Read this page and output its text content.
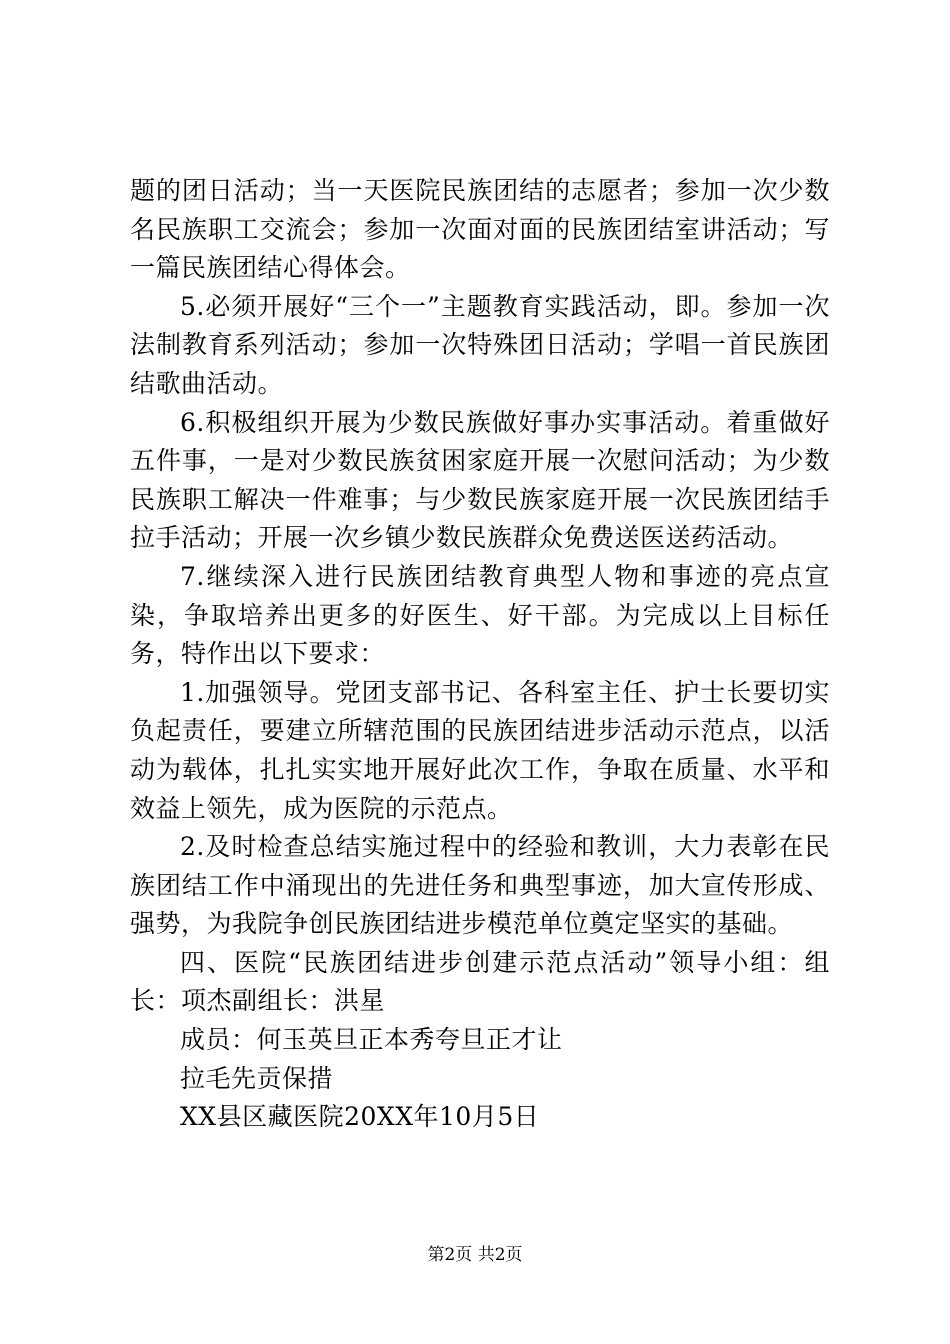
题的团日活动；当一天医院民族团结的志愿者；参加一次少数名民族职工交流会；参加一次面对面的民族团结室讲活动；写一篇民族团结心得体会。

5.必须开展好“三个一”主题教育实践活动，即。参加一次法制教育系列活动；参加一次特殊团日活动；学唱一首民族团结歌曲活动。

6.积极组织开展为少数民族做好事办实事活动。着重做好五件事，一是对少数民族贫困家庭开展一次慰问活动；为少数民族职工解决一件难事；与少数民族家庭开展一次民族团结手拉手活动；开展一次乡镇少数民族群众免费送医送药活动。

7.继续深入进行民族团结教育典型人物和事迹的亮点宣染，争取培养出更多的好医生、好干部。为完成以上目标任务，特作出以下要求：

1.加强领导。党团支部书记、各科室主任、护士长要切实负起责任，要建立所辖范围的民族团结进步活动示范点，以活动为载体，扎扎实实地开展好此次工作，争取在质量、水平和效益上领先，成为医院的示范点。

2.及时检查总结实施过程中的经验和教训，大力表彰在民族团结工作中涌现出的先进任务和典型事迹，加大宣传形成、强势，为我院争创民族团结进步模范单位奠定坚实的基础。

四、医院“民族团结进步创建示范点活动”领导小组：组长：项杰副组长：洪星

成员：何玉英旦正本秀夸旦正才让

拉毛先贡保措

XX县区藏医院20XX年10月5日

第2页 共2页
